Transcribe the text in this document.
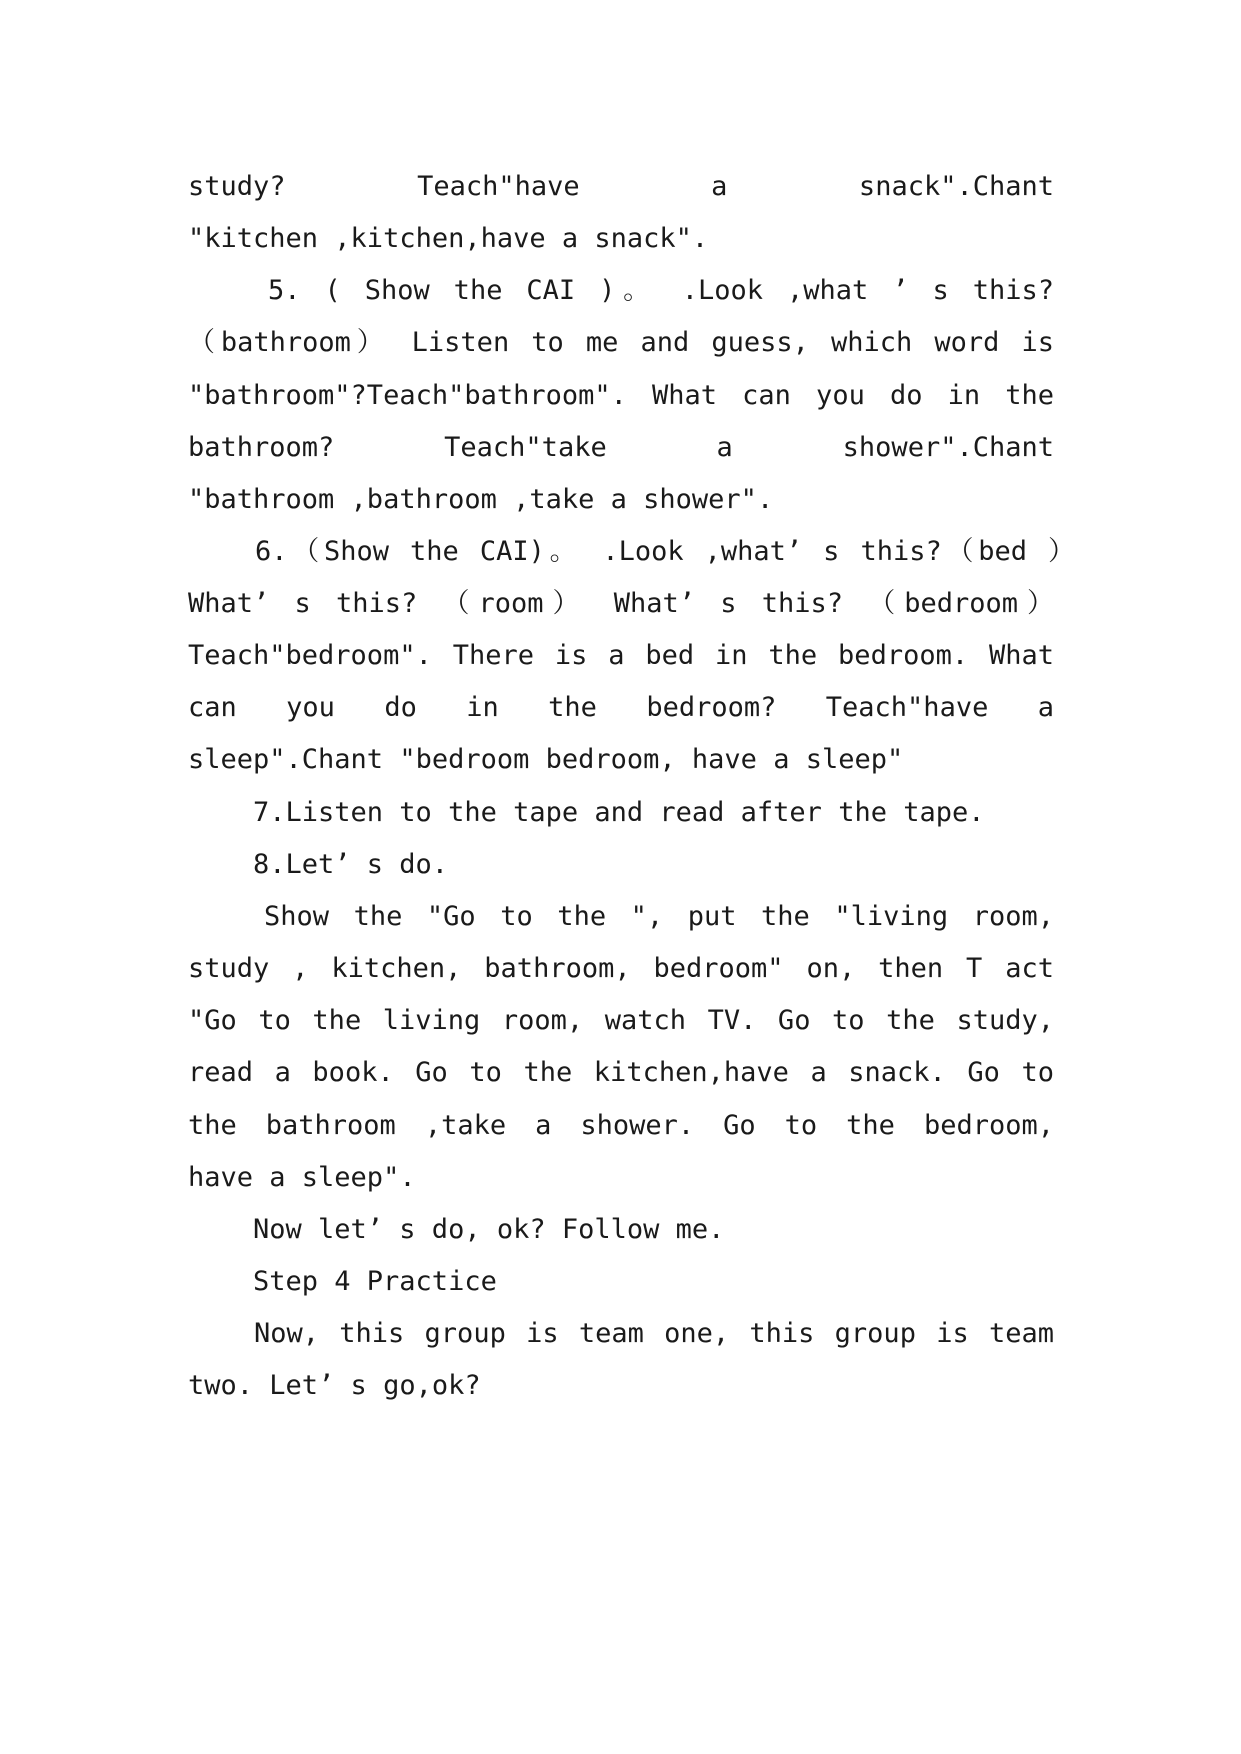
study? Teach"have a snack".Chant
"kitchen ,kitchen,have a snack".
5. ( Show the CAI )。 .Look ,what ’ s this?
（bathroom） Listen to me and guess, which word is
"bathroom"?Teach"bathroom". What can you do in the
bathroom? Teach"take a shower".Chant
"bathroom ,bathroom ,take a shower".
6.（Show the CAI)。 .Look ,what’ s this?（bed ）
What’ s this? （room） What’ s this? （bedroom）
Teach"bedroom". There is a bed in the bedroom. What
can you do in the bedroom? Teach"have a
sleep".Chant "bedroom bedroom, have a sleep"
7.Listen to the tape and read after the tape.
8.Let’ s do.
Show the "Go to the ", put the "living room,
study , kitchen, bathroom, bedroom" on, then T act
"Go to the living room, watch TV. Go to the study,
read a book. Go to the kitchen,have a snack. Go to
the bathroom ,take a shower. Go to the bedroom,
have a sleep".
Now let’ s do, ok? Follow me.
Step 4 Practice
Now, this group is team one, this group is team
two. Let’ s go,ok?
